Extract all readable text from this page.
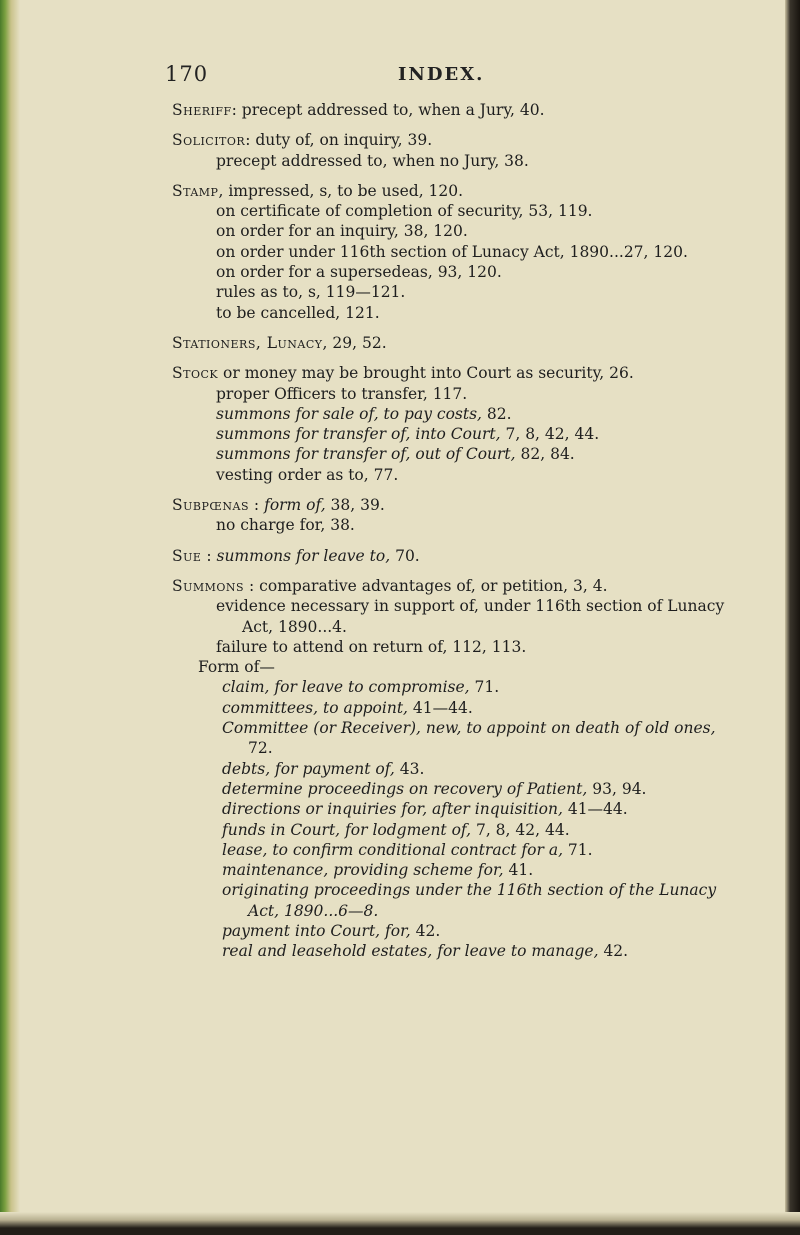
170	INDEX.

Sheriff: precept addressed to, when a Jury, 40.

Solicitor: duty of, on inquiry, 39.

precept addressed to, when no Jury, 38.

Stamp, impressed, s, to be used, 120.

on certificate of completion of security, 53, 119.

on order for an inquiry, 38, 120.

on order under 116th section of Lunacy Act, 1890...27, 120.

on order for a supersedeas, 93, 120.

rules as to, s, 119—121.

to be cancelled, 121.

Stationers, Lunacy, 29, 52.

Stock or money may be brought into Court as security, 26.

proper Officers to transfer, 117.

summons for sale of, to pay costs, 82.

summons for transfer of, into Court, 7, 8, 42, 44.

summons for transfer of, out of Court, 82, 84.

vesting order as to, 77.

Subpœnas : form of, 38, 39.

no charge for, 38.

Sue : summons for leave to, 70.

Summons : comparative advantages of, or petition, 3, 4.

evidence necessary in support of, under 116th section of Lunacy Act, 1890...4.

failure to attend on return of, 112, 113.

Form of—

claim, for leave to compromise, 71.

committees, to appoint, 41—44.

Committee (or Receiver), new, to appoint on death of old ones, 72.

debts, for payment of, 43.

determine proceedings on recovery of Patient, 93, 94.

directions or inquiries for, after inquisition, 41—44.

funds in Court, for lodgment of, 7, 8, 42, 44.

lease, to confirm conditional contract for a, 71.

maintenance, providing scheme for, 41.

originating proceedings under the 116th section of the Lunacy Act, 1890...6—8.

payment into Court, for, 42.

real and leasehold estates, for leave to manage, 42.
